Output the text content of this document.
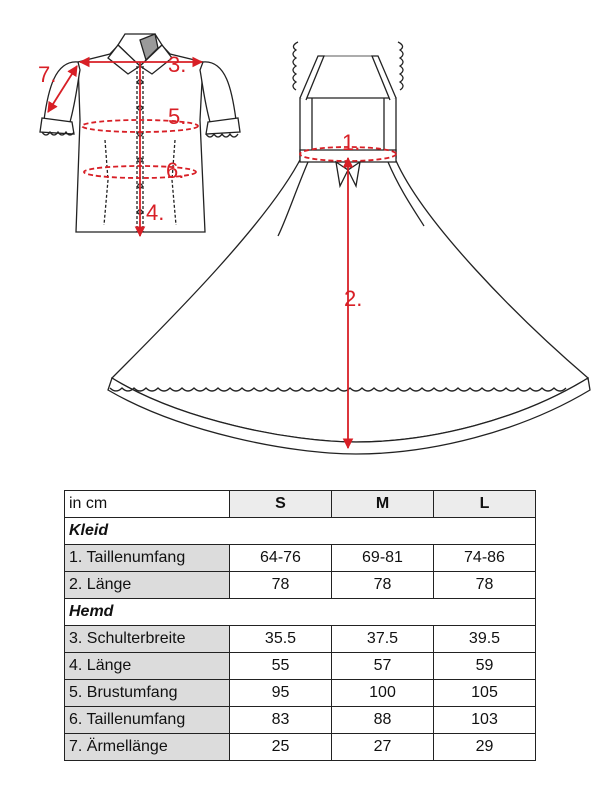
3.
7.
5.
6.
4.
1.
2.
in cm	S	M	L
Kleid			
1. Taillenumfang	64-76	69-81	74-86
2. Länge	78	78	78
Hemd			
3. Schulterbreite	35.5	37.5	39.5
4. Länge	55	57	59
5. Brustumfang	95	100	105
6. Taillenumfang	83	88	103
7. Ärmellänge	25	27	29
